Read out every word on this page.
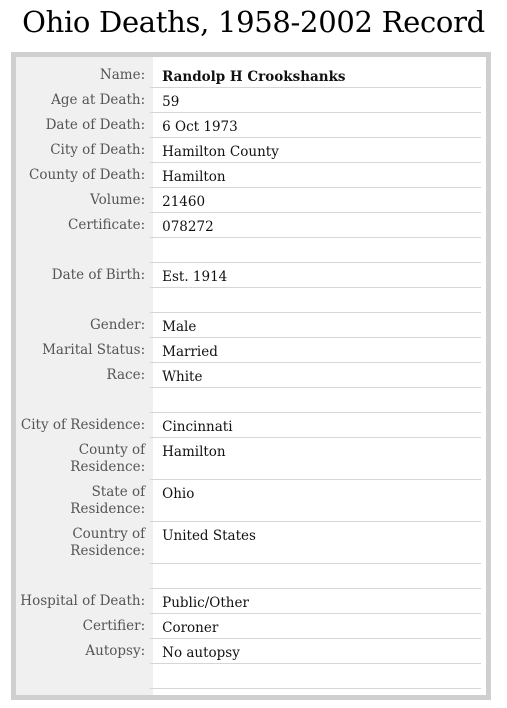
Ohio Deaths, 1958-2002 Record
Name:	Randolp H Crookshanks
Age at Death:	59
Date of Death:	6 Oct 1973
City of Death:	Hamilton County
County of Death:	Hamilton
Volume:	21460
Certificate:	078272
Date of Birth:	Est. 1914
Gender:	Male
Marital Status:	Married
Race:	White
City of Residence:	Cincinnati
County of Residence:
Hamilton
State of Residence:
Ohio
Country of Residence:
United States
Hospital of Death:	Public/Other
Certifier:	Coroner
Autopsy:	No autopsy
